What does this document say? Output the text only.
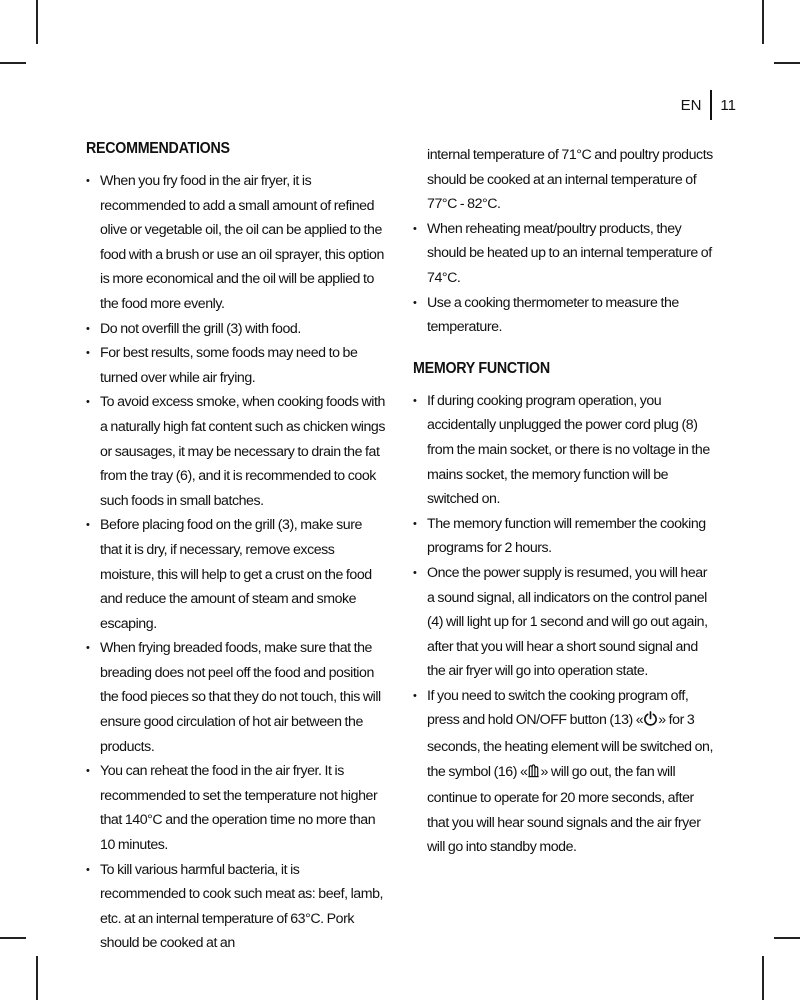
EN	11
RECOMMENDATIONS
• When you fry food in the air fryer, it is recommended to add a small amount of refined olive or vegetable oil, the oil can be applied to the food with a brush or use an oil sprayer, this option is more economical and the oil will be applied to the food more evenly.
• Do not overfill the grill (3) with food.
• For best results, some foods may need to be turned over while air frying.
• To avoid excess smoke, when cooking foods with a naturally high fat content such as chicken wings or sausages, it may be necessary to drain the fat from the tray (6), and it is recommended to cook such foods in small batches.
• Before placing food on the grill (3), make sure that it is dry, if necessary, remove excess moisture, this will help to get a crust on the food and reduce the amount of steam and smoke escaping.
• When frying breaded foods, make sure that the breading does not peel off the food and position the food pieces so that they do not touch, this will ensure good circulation of hot air between the products.
• You can reheat the food in the air fryer. It is recommended to set the temperature not higher that 140°C and the operation time no more than 10 minutes.
• To kill various harmful bacteria, it is recommended to cook such meat as: beef, lamb, etc. at an internal temperature of 63°C. Pork should be cooked at an
internal temperature of 71°C and poultry products should be cooked at an internal temperature of 77°C - 82°C.
• When reheating meat/poultry products, they should be heated up to an internal temperature of 74°C.
• Use a cooking thermometer to measure the temperature.
MEMORY FUNCTION
• If during cooking program operation, you accidentally unplugged the power cord plug (8) from the main socket, or there is no voltage in the mains socket, the memory function will be switched on.
• The memory function will remember the cooking programs for 2 hours.
• Once the power supply is resumed, you will hear a sound signal, all indicators on the control panel (4) will light up for 1 second and will go out again, after that you will hear a short sound signal and the air fryer will go into operation state.
• If you need to switch the cooking program off, press and hold ON/OFF button (13) « » for 3 seconds, the heating element will be switched on, the symbol (16) « » will go out, the fan will continue to operate for 20 more seconds, after that you will hear sound signals and the air fryer will go into standby mode.
